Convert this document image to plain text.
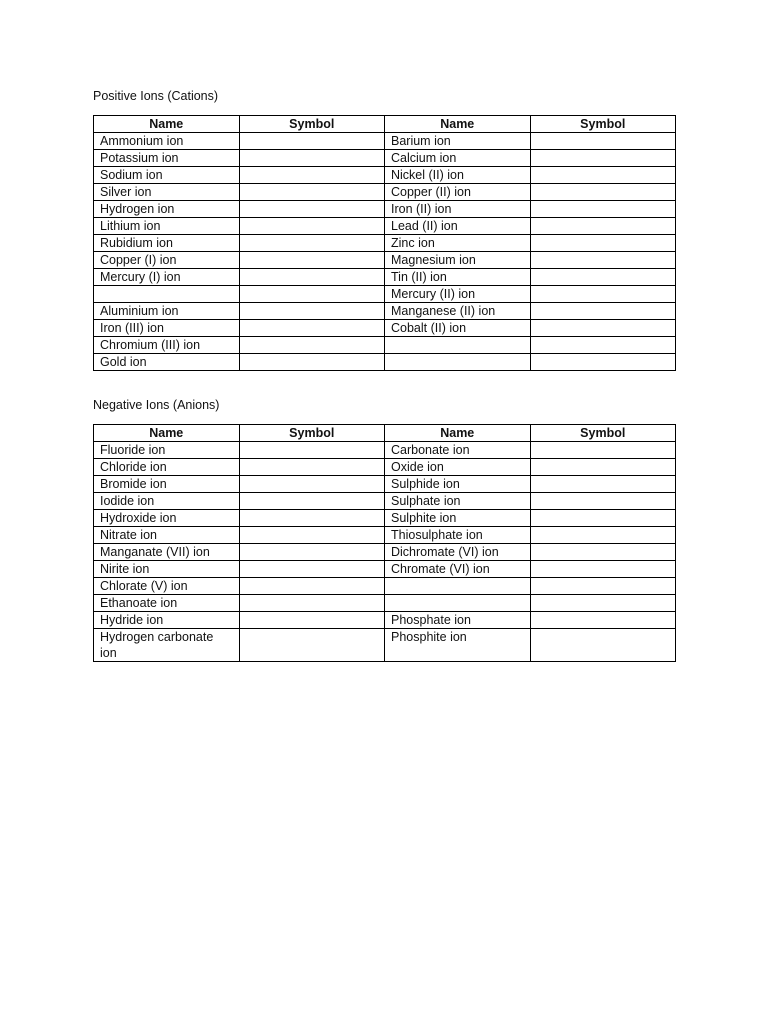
Positive Ions (Cations)
Name	Symbol	Name	Symbol
Ammonium ion		Barium ion	
Potassium ion		Calcium ion	
Sodium ion		Nickel (II) ion	
Silver ion		Copper (II) ion	
Hydrogen ion		Iron (II) ion	
Lithium ion		Lead (II) ion	
Rubidium ion		Zinc ion	
Copper (I) ion		Magnesium ion	
Mercury (I) ion		Tin (II) ion	
		Mercury (II) ion	
Aluminium ion		Manganese (II) ion	
Iron (III) ion		Cobalt (II) ion	
Chromium (III) ion			
Gold ion			
Negative Ions (Anions)
Name	Symbol	Name	Symbol
Fluoride ion		Carbonate ion	
Chloride ion		Oxide ion	
Bromide ion		Sulphide ion	
Iodide ion		Sulphate ion	
Hydroxide ion		Sulphite ion	
Nitrate ion		Thiosulphate ion	
Manganate (VII) ion		Dichromate (VI) ion	
Nirite ion		Chromate (VI) ion	
Chlorate (V) ion			
Ethanoate ion			
Hydride ion		Phosphate ion	
Hydrogen carbonate ion		Phosphite ion	
